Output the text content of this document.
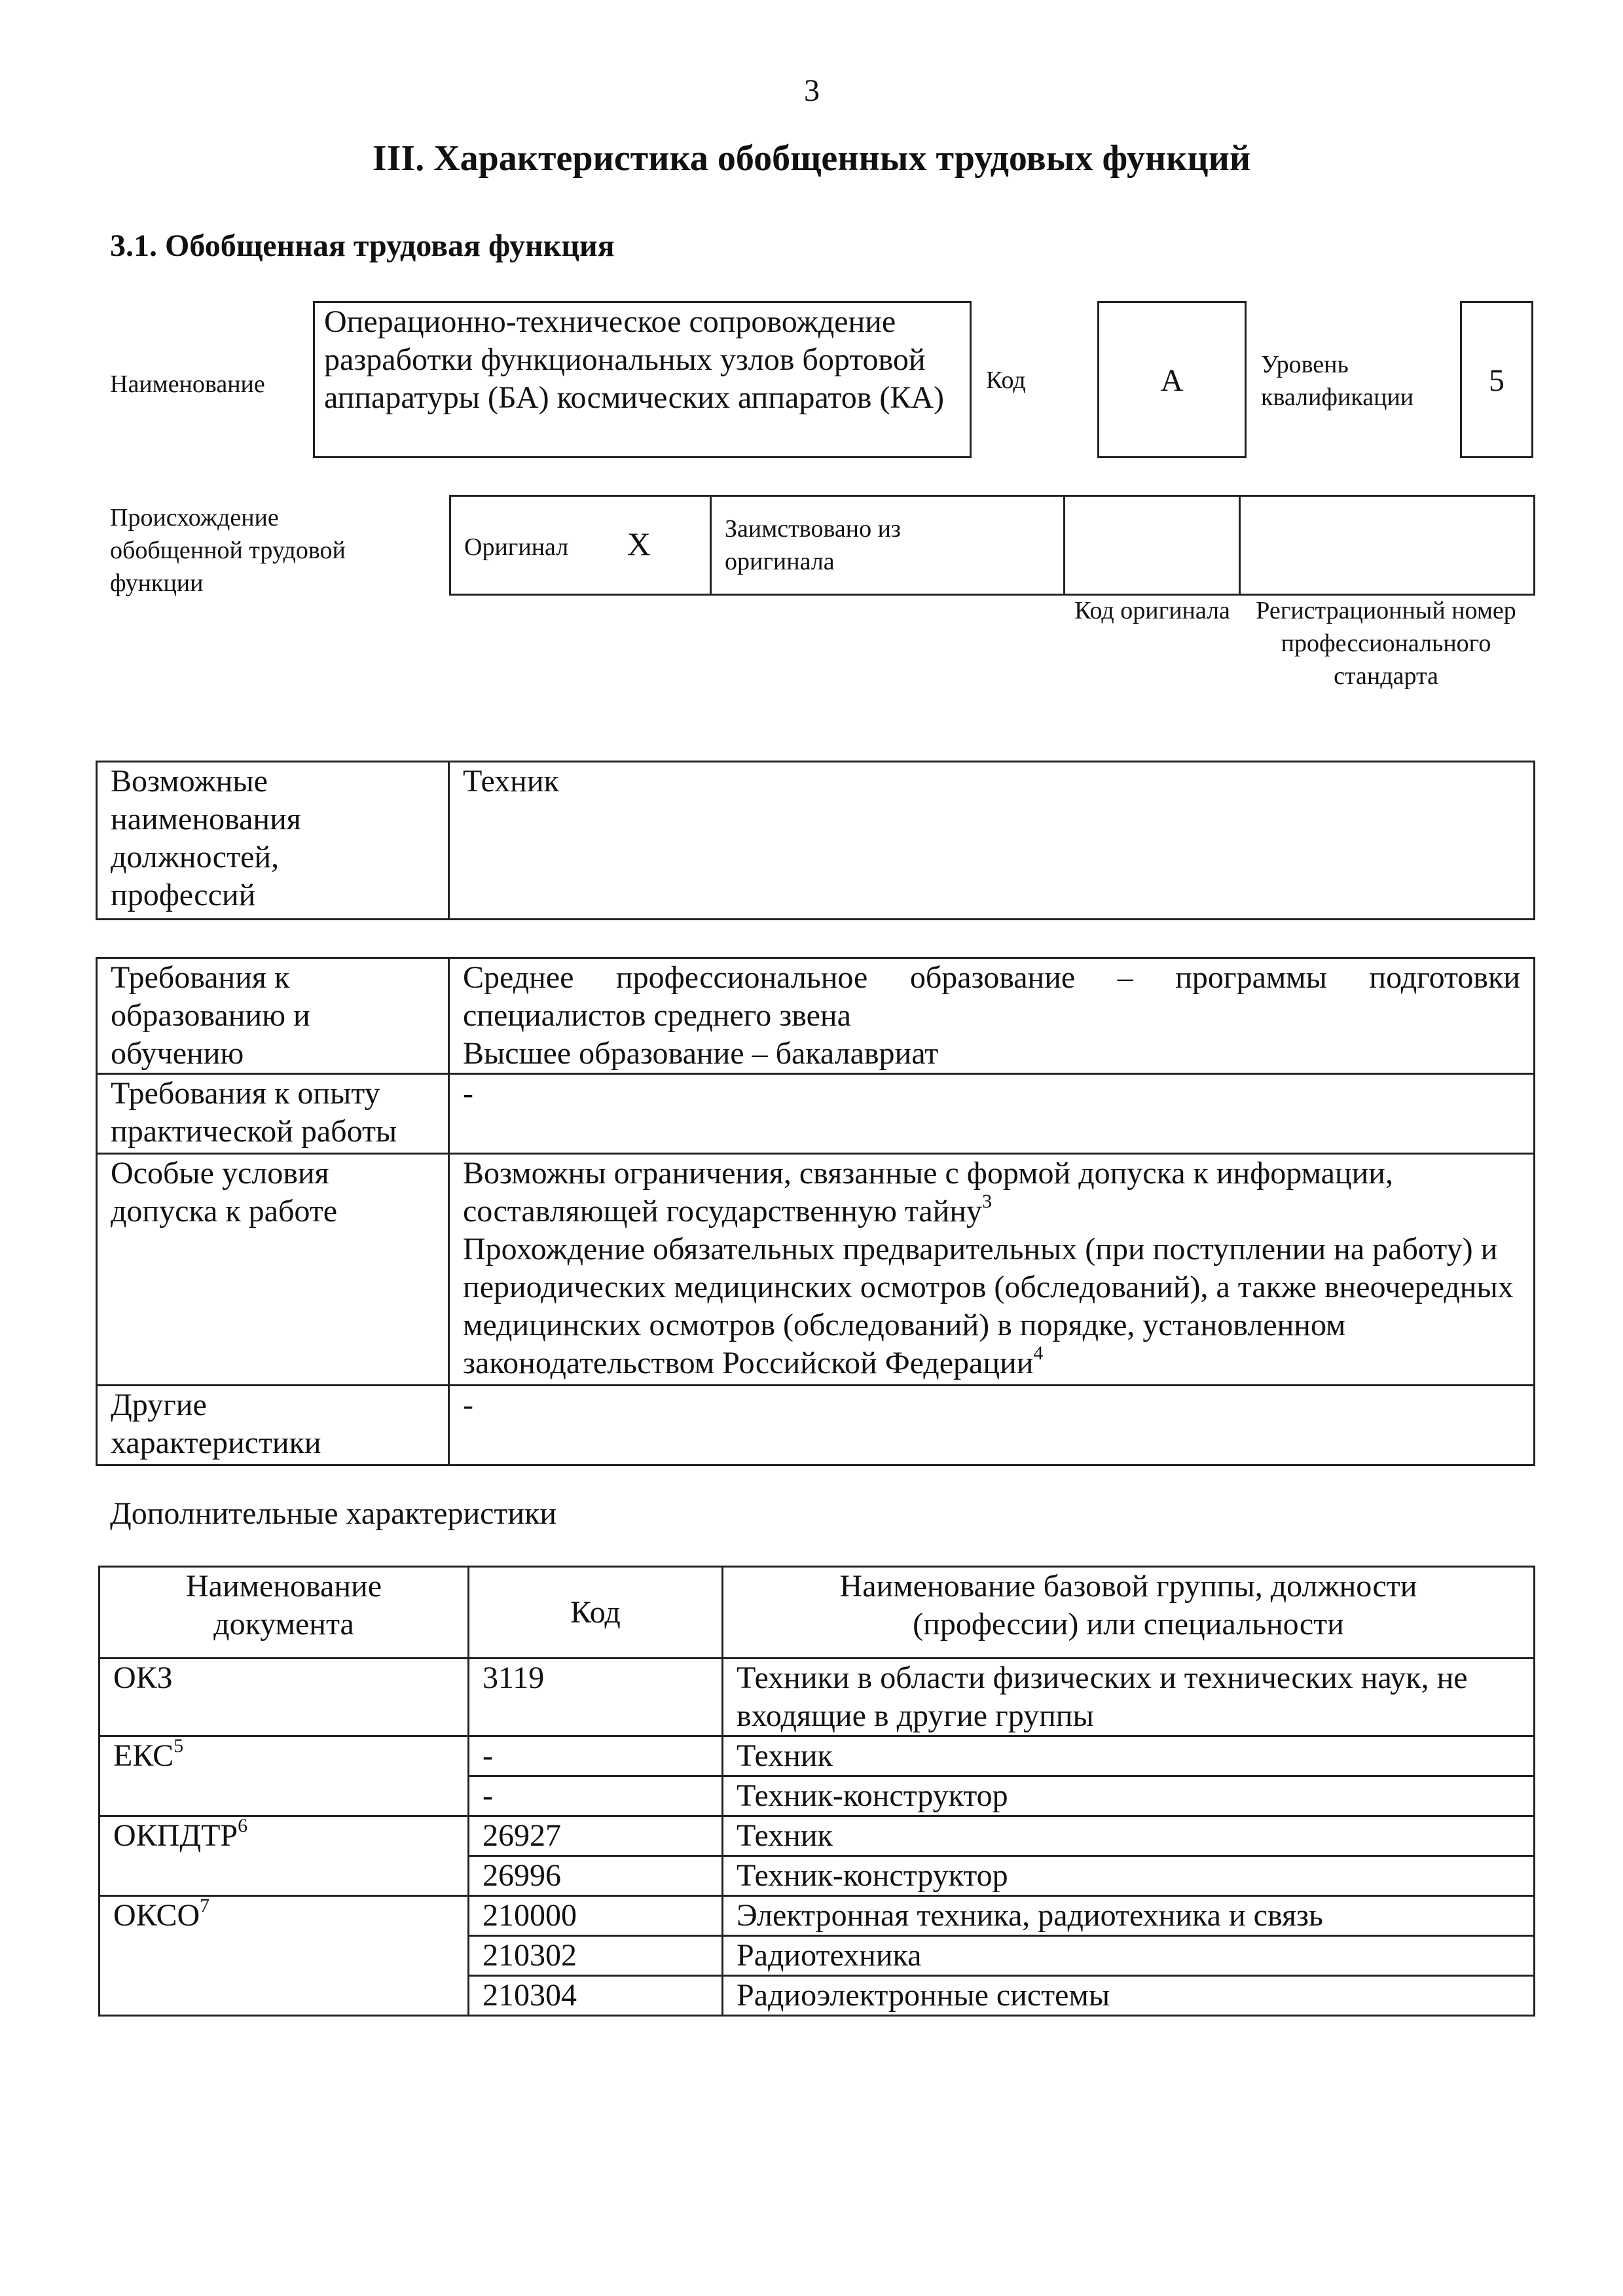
3
III. Характеристика обобщенных трудовых функций
3.1. Обобщенная трудовая функция
Наименование
Операционно-техническое сопровождение разработки функциональных узлов бортовой аппаратуры (БА) космических аппаратов (КА)	Код	А	Уровень квалификации	5
Происхождение обобщенной трудовой функции
Оригинал X	Заимствовано из оригинала

Код оригинала	Регистрационный номер профессионального стандарта
Возможные наименования должностей, профессий	Техник
Требования к образованию и обучению	Среднее профессиональное образование – программы подготовки специалистов среднего звена
Высшее образование – бакалавриат

Требования к опыту практической работы	-
Особые условия допуска к работе	Возможны ограничения, связанные с формой допуска к информации, составляющей государственную тайну$^3$
Прохождение обязательных предварительных (при поступлении на работу) и периодических медицинских осмотров (обследований), а также внеочередных медицинских осмотров (обследований) в порядке, установленном законодательством Российской Федерации$^4$

Другие характеристики	-
Дополнительные характеристики
Наименование документа	Код	Наименование базовой группы, должности (профессии) или специальности
ОКЗ	3119	Техники в области физических и технических наук, не входящие в другие группы
ЕКС$^5$	-	Техник
	-	Техник-конструктор
ОКПДТР$^6$	26927	Техник
	26996	Техник-конструктор
ОКСО$^7$	210000	Электронная техника, радиотехника и связь
	210302	Радиотехника
	210304	Радиоэлектронные системы
